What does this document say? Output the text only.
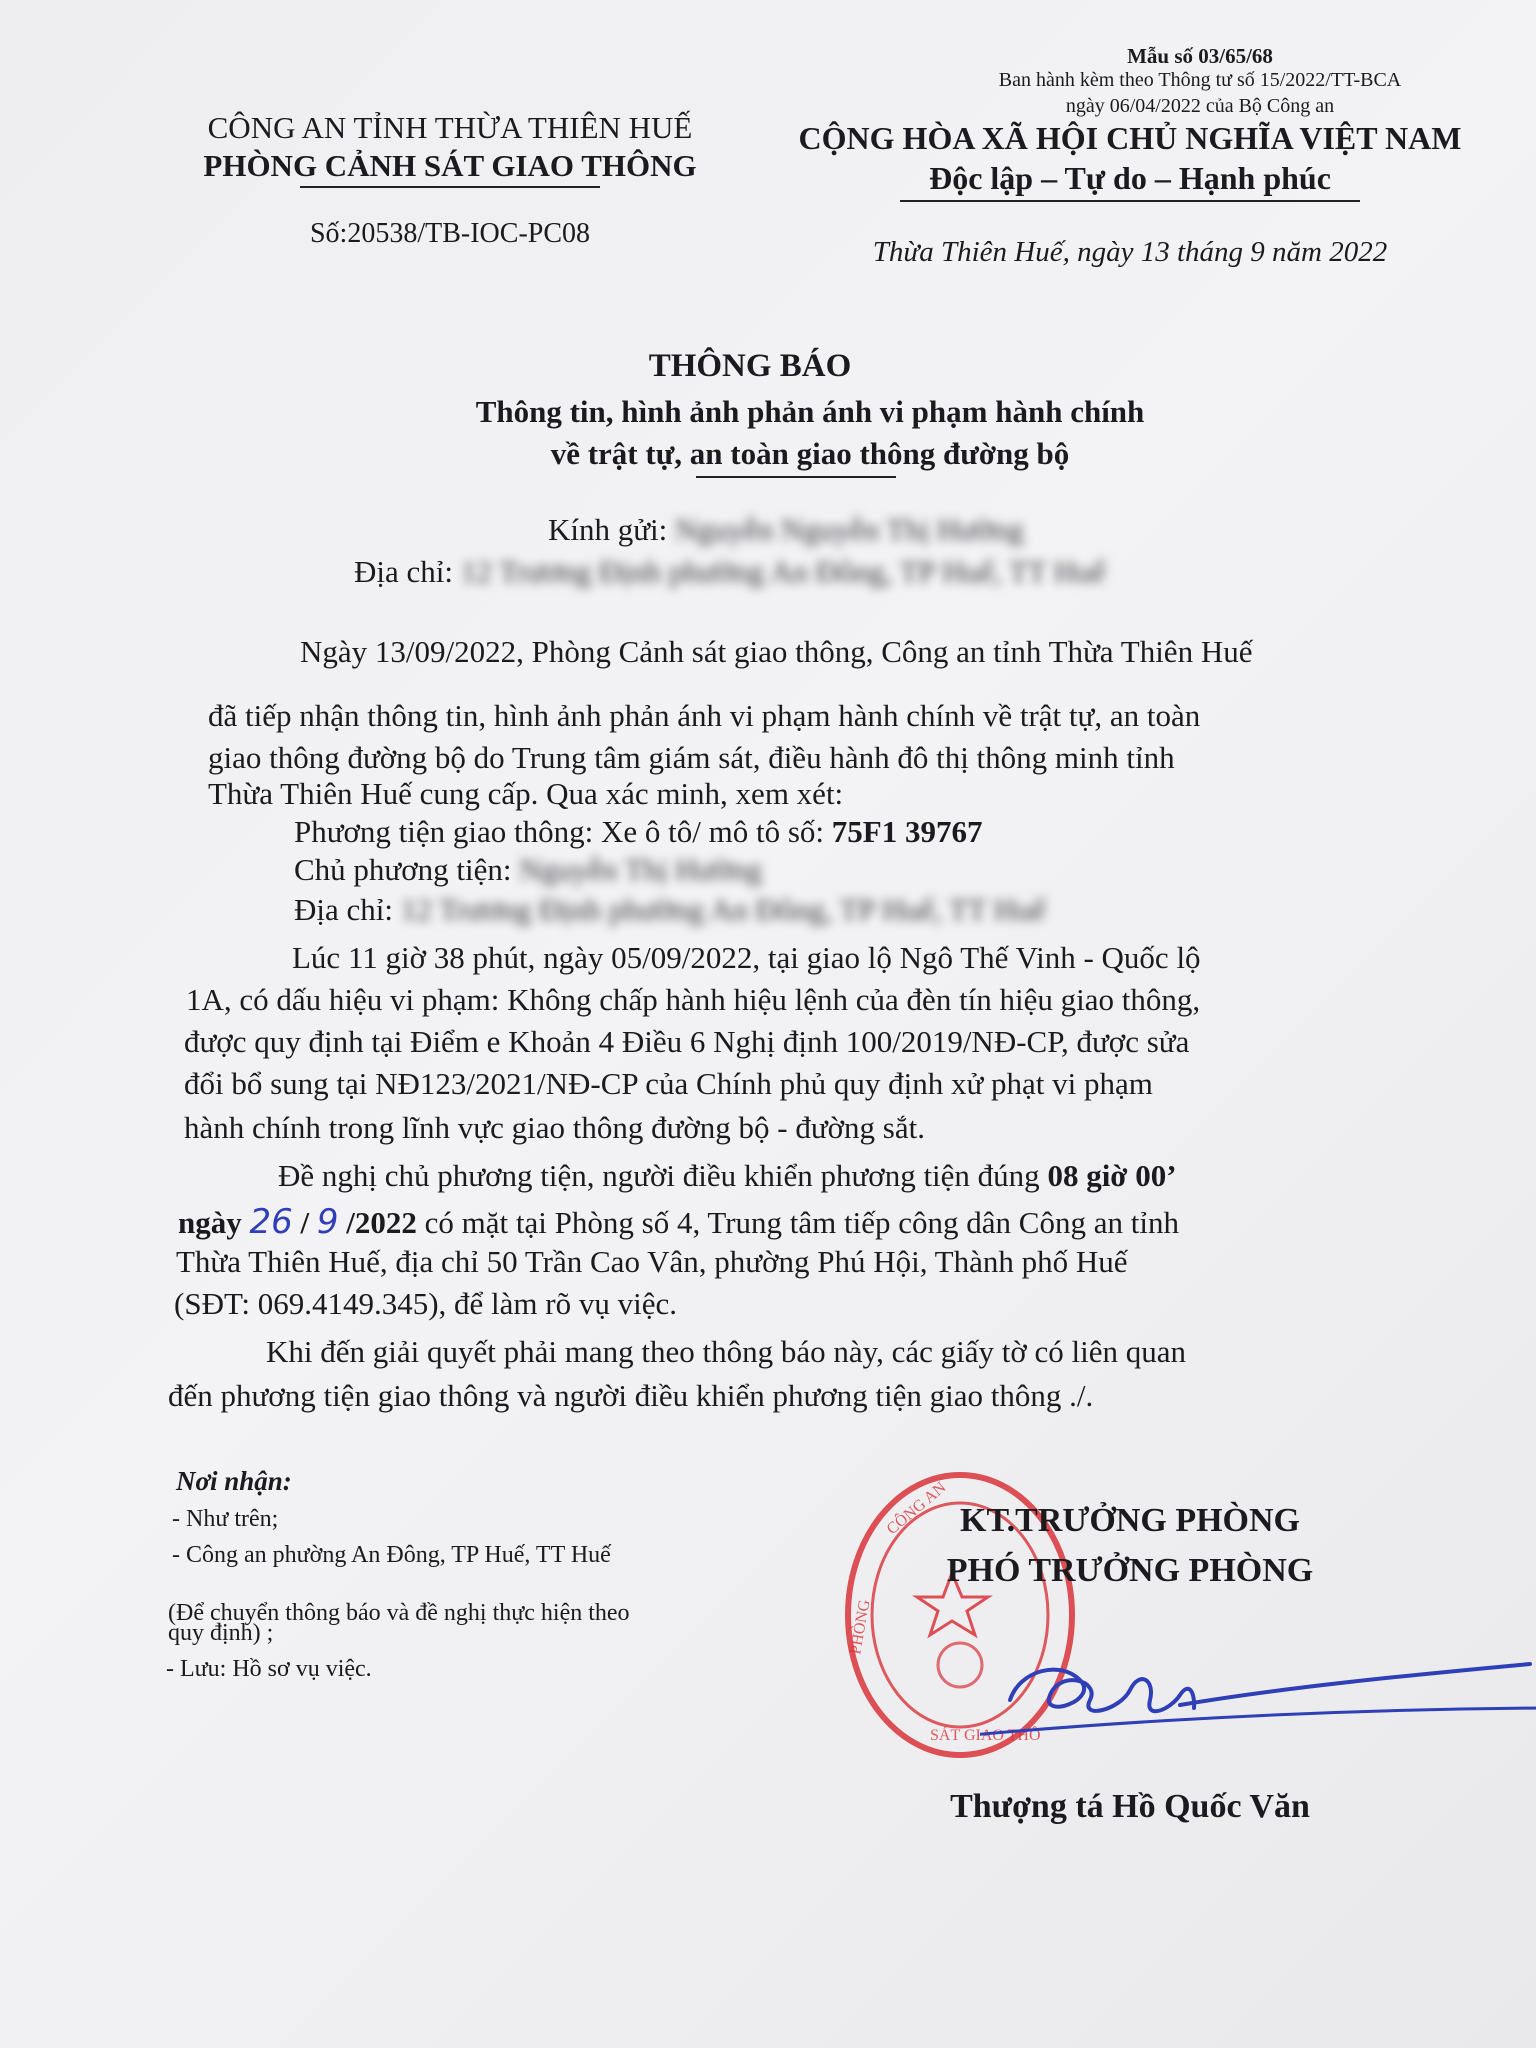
Mẫu số 03/65/68
Ban hành kèm theo Thông tư số 15/2022/TT-BCA
ngày 06/04/2022 của Bộ Công an
CÔNG AN TỈNH THỪA THIÊN HUẾ
PHÒNG CẢNH SÁT GIAO THÔNG
Số:20538/TB-IOC-PC08
CỘNG HÒA XÃ HỘI CHỦ NGHĨA VIỆT NAM
Độc lập – Tự do – Hạnh phúc
Thừa Thiên Huế, ngày 13 tháng 9 năm 2022
THÔNG BÁO
Thông tin, hình ảnh phản ánh vi phạm hành chính
về trật tự, an toàn giao thông đường bộ
Kính gửi: Nguyễn Nguyễn Thị Hường
Địa chỉ: 12 Trương Định phường An Đông, TP Huế, TT Huế
Ngày 13/09/2022, Phòng Cảnh sát giao thông, Công an tỉnh Thừa Thiên Huế
đã tiếp nhận thông tin, hình ảnh phản ánh vi phạm hành chính về trật tự, an toàn
giao thông đường bộ do Trung tâm giám sát, điều hành đô thị thông minh tỉnh
Thừa Thiên Huế cung cấp. Qua xác minh, xem xét:
Phương tiện giao thông: Xe ô tô/ mô tô số: 75F1 39767
Chủ phương tiện: Nguyễn Thị Hường
Địa chỉ: 12 Trương Định phường An Đông, TP Huế, TT Huế
Lúc 11 giờ 38 phút, ngày 05/09/2022, tại giao lộ Ngô Thế Vinh - Quốc lộ
1A, có dấu hiệu vi phạm: Không chấp hành hiệu lệnh của đèn tín hiệu giao thông,
được quy định tại Điểm e Khoản 4 Điều 6 Nghị định 100/2019/NĐ-CP, được sửa
đổi bổ sung tại NĐ123/2021/NĐ-CP của Chính phủ quy định xử phạt vi phạm
hành chính trong lĩnh vực giao thông đường bộ - đường sắt.
Đề nghị chủ phương tiện, người điều khiển phương tiện đúng 08 giờ 00’
ngày 26 / 9 /2022 có mặt tại Phòng số 4, Trung tâm tiếp công dân Công an tỉnh
Thừa Thiên Huế, địa chỉ 50 Trần Cao Vân, phường Phú Hội, Thành phố Huế
(SĐT: 069.4149.345), để làm rõ vụ việc.
Khi đến giải quyết phải mang theo thông báo này, các giấy tờ có liên quan
đến phương tiện giao thông và người điều khiển phương tiện giao thông ./.
Nơi nhận:
- Như trên;
- Công an phường An Đông, TP Huế, TT Huế
(Để chuyển thông báo và đề nghị thực hiện theo
quy định) ;
- Lưu: Hồ sơ vụ việc.
CÔNG AN
PHÒNG
SÁT GIAO THÔ
KT.TRƯỞNG PHÒNG
PHÓ TRƯỞNG PHÒNG
Thượng tá Hồ Quốc Văn
